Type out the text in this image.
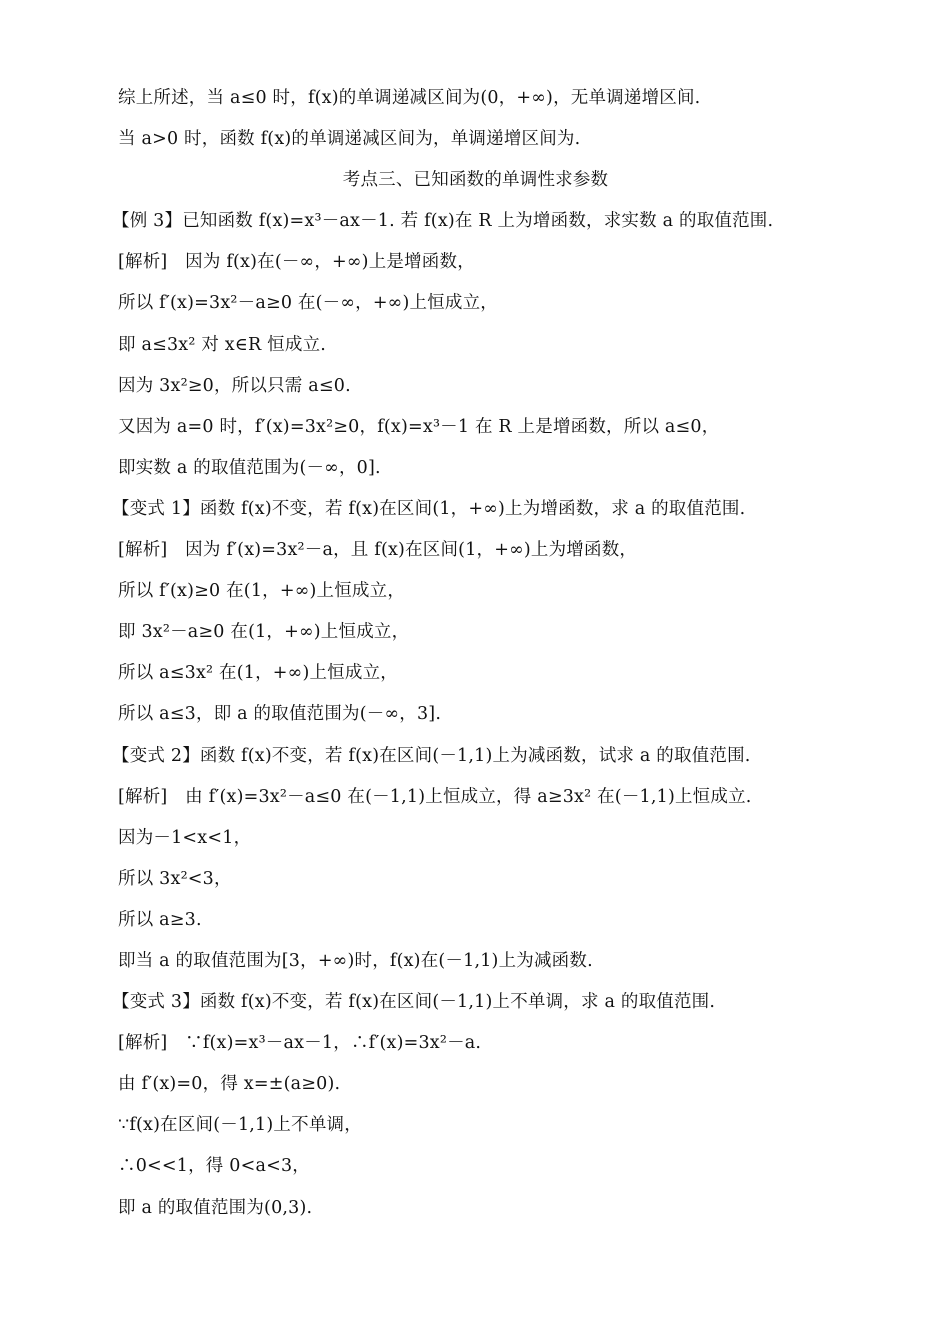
综上所述，当 a≤0 时，f(x)的单调递减区间为(0，+∞)，无单调递增区间.
当 a>0 时，函数 f(x)的单调递减区间为，单调递增区间为.
考点三、已知函数的单调性求参数
【例 3】已知函数 f(x)=x³－ax－1. 若 f(x)在 R 上为增函数，求实数 a 的取值范围.
[解析]　因为 f(x)在(－∞，+∞)上是增函数，
所以 f′(x)=3x²－a≥0 在(－∞，+∞)上恒成立，
即 a≤3x² 对 x∈R 恒成立.
因为 3x²≥0，所以只需 a≤0.
又因为 a=0 时，f′(x)=3x²≥0，f(x)=x³－1 在 R 上是增函数，所以 a≤0，
即实数 a 的取值范围为(－∞，0].
【变式 1】函数 f(x)不变，若 f(x)在区间(1，+∞)上为增函数，求 a 的取值范围.
[解析]　因为 f′(x)=3x²－a，且 f(x)在区间(1，+∞)上为增函数，
所以 f′(x)≥0 在(1，+∞)上恒成立，
即 3x²－a≥0 在(1，+∞)上恒成立，
所以 a≤3x² 在(1，+∞)上恒成立，
所以 a≤3，即 a 的取值范围为(－∞，3].
【变式 2】函数 f(x)不变，若 f(x)在区间(－1,1)上为减函数，试求 a 的取值范围.
[解析]　由 f′(x)=3x²－a≤0 在(－1,1)上恒成立，得 a≥3x² 在(－1,1)上恒成立.
因为－1<x<1，
所以 3x²<3，
所以 a≥3.
即当 a 的取值范围为[3，+∞)时，f(x)在(－1,1)上为减函数.
【变式 3】函数 f(x)不变，若 f(x)在区间(－1,1)上不单调，求 a 的取值范围.
[解析]　∵f(x)=x³－ax－1，∴f′(x)=3x²－a.
由 f′(x)=0，得 x=±(a≥0).
∵f(x)在区间(－1,1)上不单调，
∴0<<1，得 0<a<3，
即 a 的取值范围为(0,3).
